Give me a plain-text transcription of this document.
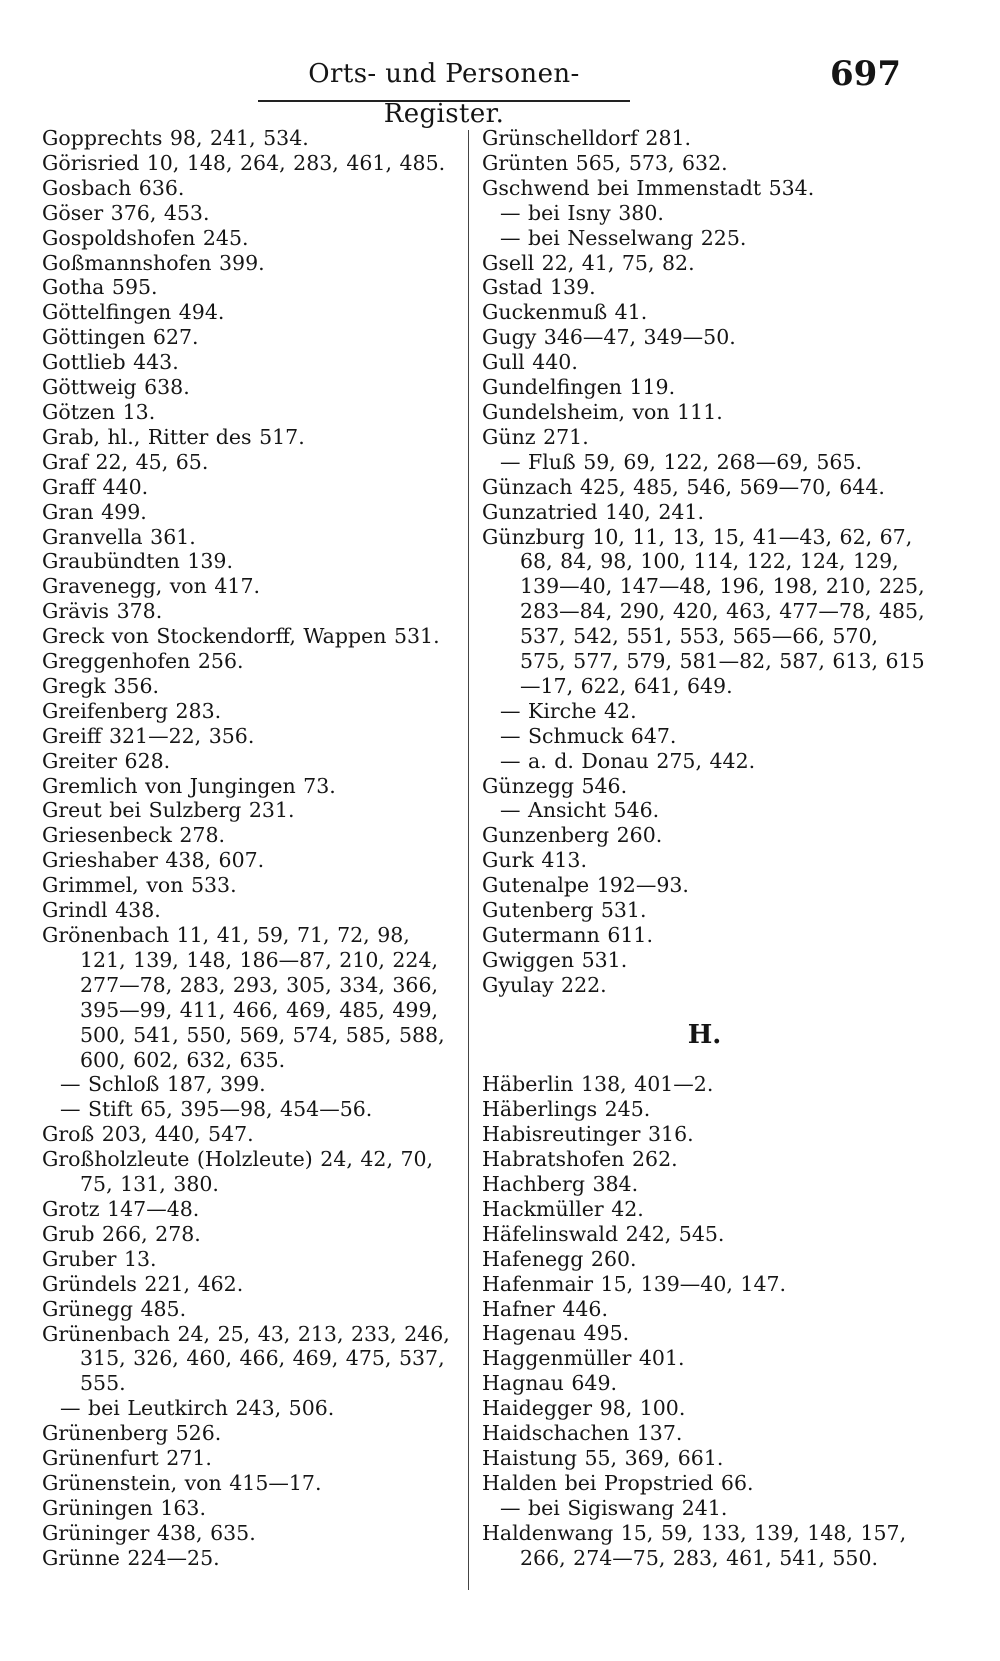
Orts- und Personen-Register.
697
Gopprechts 98, 241, 534.
Görisried 10, 148, 264, 283, 461, 485.
Gosbach 636.
Göser 376, 453.
Gospoldshofen 245.
Goßmannshofen 399.
Gotha 595.
Göttelfingen 494.
Göttingen 627.
Gottlieb 443.
Göttweig 638.
Götzen 13.
Grab, hl., Ritter des 517.
Graf 22, 45, 65.
Graff 440.
Gran 499.
Granvella 361.
Graubündten 139.
Gravenegg, von 417.
Grävis 378.
Greck von Stockendorff, Wappen 531.
Greggenhofen 256.
Gregk 356.
Greifenberg 283.
Greiff 321—22, 356.
Greiter 628.
Gremlich von Jungingen 73.
Greut bei Sulzberg 231.
Griesenbeck 278.
Grieshaber 438, 607.
Grimmel, von 533.
Grindl 438.
Grönenbach 11, 41, 59, 71, 72, 98, 121, 139, 148, 186—87, 210, 224, 277—78, 283, 293, 305, 334, 366, 395—99, 411, 466, 469, 485, 499, 500, 541, 550, 569, 574, 585, 588, 600, 602, 632, 635.
— Schloß 187, 399.
— Stift 65, 395—98, 454—56.
Groß 203, 440, 547.
Großholzleute (Holzleute) 24, 42, 70, 75, 131, 380.
Grotz 147—48.
Grub 266, 278.
Gruber 13.
Gründels 221, 462.
Grünegg 485.
Grünenbach 24, 25, 43, 213, 233, 246, 315, 326, 460, 466, 469, 475, 537, 555.
— bei Leutkirch 243, 506.
Grünenberg 526.
Grünenfurt 271.
Grünenstein, von 415—17.
Grüningen 163.
Grüninger 438, 635.
Grünne 224—25.
Grünschelldorf 281.
Grünten 565, 573, 632.
Gschwend bei Immenstadt 534.
— bei Isny 380.
— bei Nesselwang 225.
Gsell 22, 41, 75, 82.
Gstad 139.
Guckenmuß 41.
Gugy 346—47, 349—50.
Gull 440.
Gundelfingen 119.
Gundelsheim, von 111.
Günz 271.
— Fluß 59, 69, 122, 268—69, 565.
Günzach 425, 485, 546, 569—70, 644.
Gunzatried 140, 241.
Günzburg 10, 11, 13, 15, 41—43, 62, 67, 68, 84, 98, 100, 114, 122, 124, 129, 139—40, 147—48, 196, 198, 210, 225, 283—84, 290, 420, 463, 477—78, 485, 537, 542, 551, 553, 565—66, 570, 575, 577, 579, 581—82, 587, 613, 615—17, 622, 641, 649.
— Kirche 42.
— Schmuck 647.
— a. d. Donau 275, 442.
Günzegg 546.
— Ansicht 546.
Gunzenberg 260.
Gurk 413.
Gutenalpe 192—93.
Gutenberg 531.
Gutermann 611.
Gwiggen 531.
Gyulay 222.
H.
Häberlin 138, 401—2.
Häberlings 245.
Habisreutinger 316.
Habratshofen 262.
Hachberg 384.
Hackmüller 42.
Häfelinswald 242, 545.
Hafenegg 260.
Hafenmair 15, 139—40, 147.
Hafner 446.
Hagenau 495.
Haggenmüller 401.
Hagnau 649.
Haidegger 98, 100.
Haidschachen 137.
Haistung 55, 369, 661.
Halden bei Propstried 66.
— bei Sigiswang 241.
Haldenwang 15, 59, 133, 139, 148, 157, 266, 274—75, 283, 461, 541, 550.
